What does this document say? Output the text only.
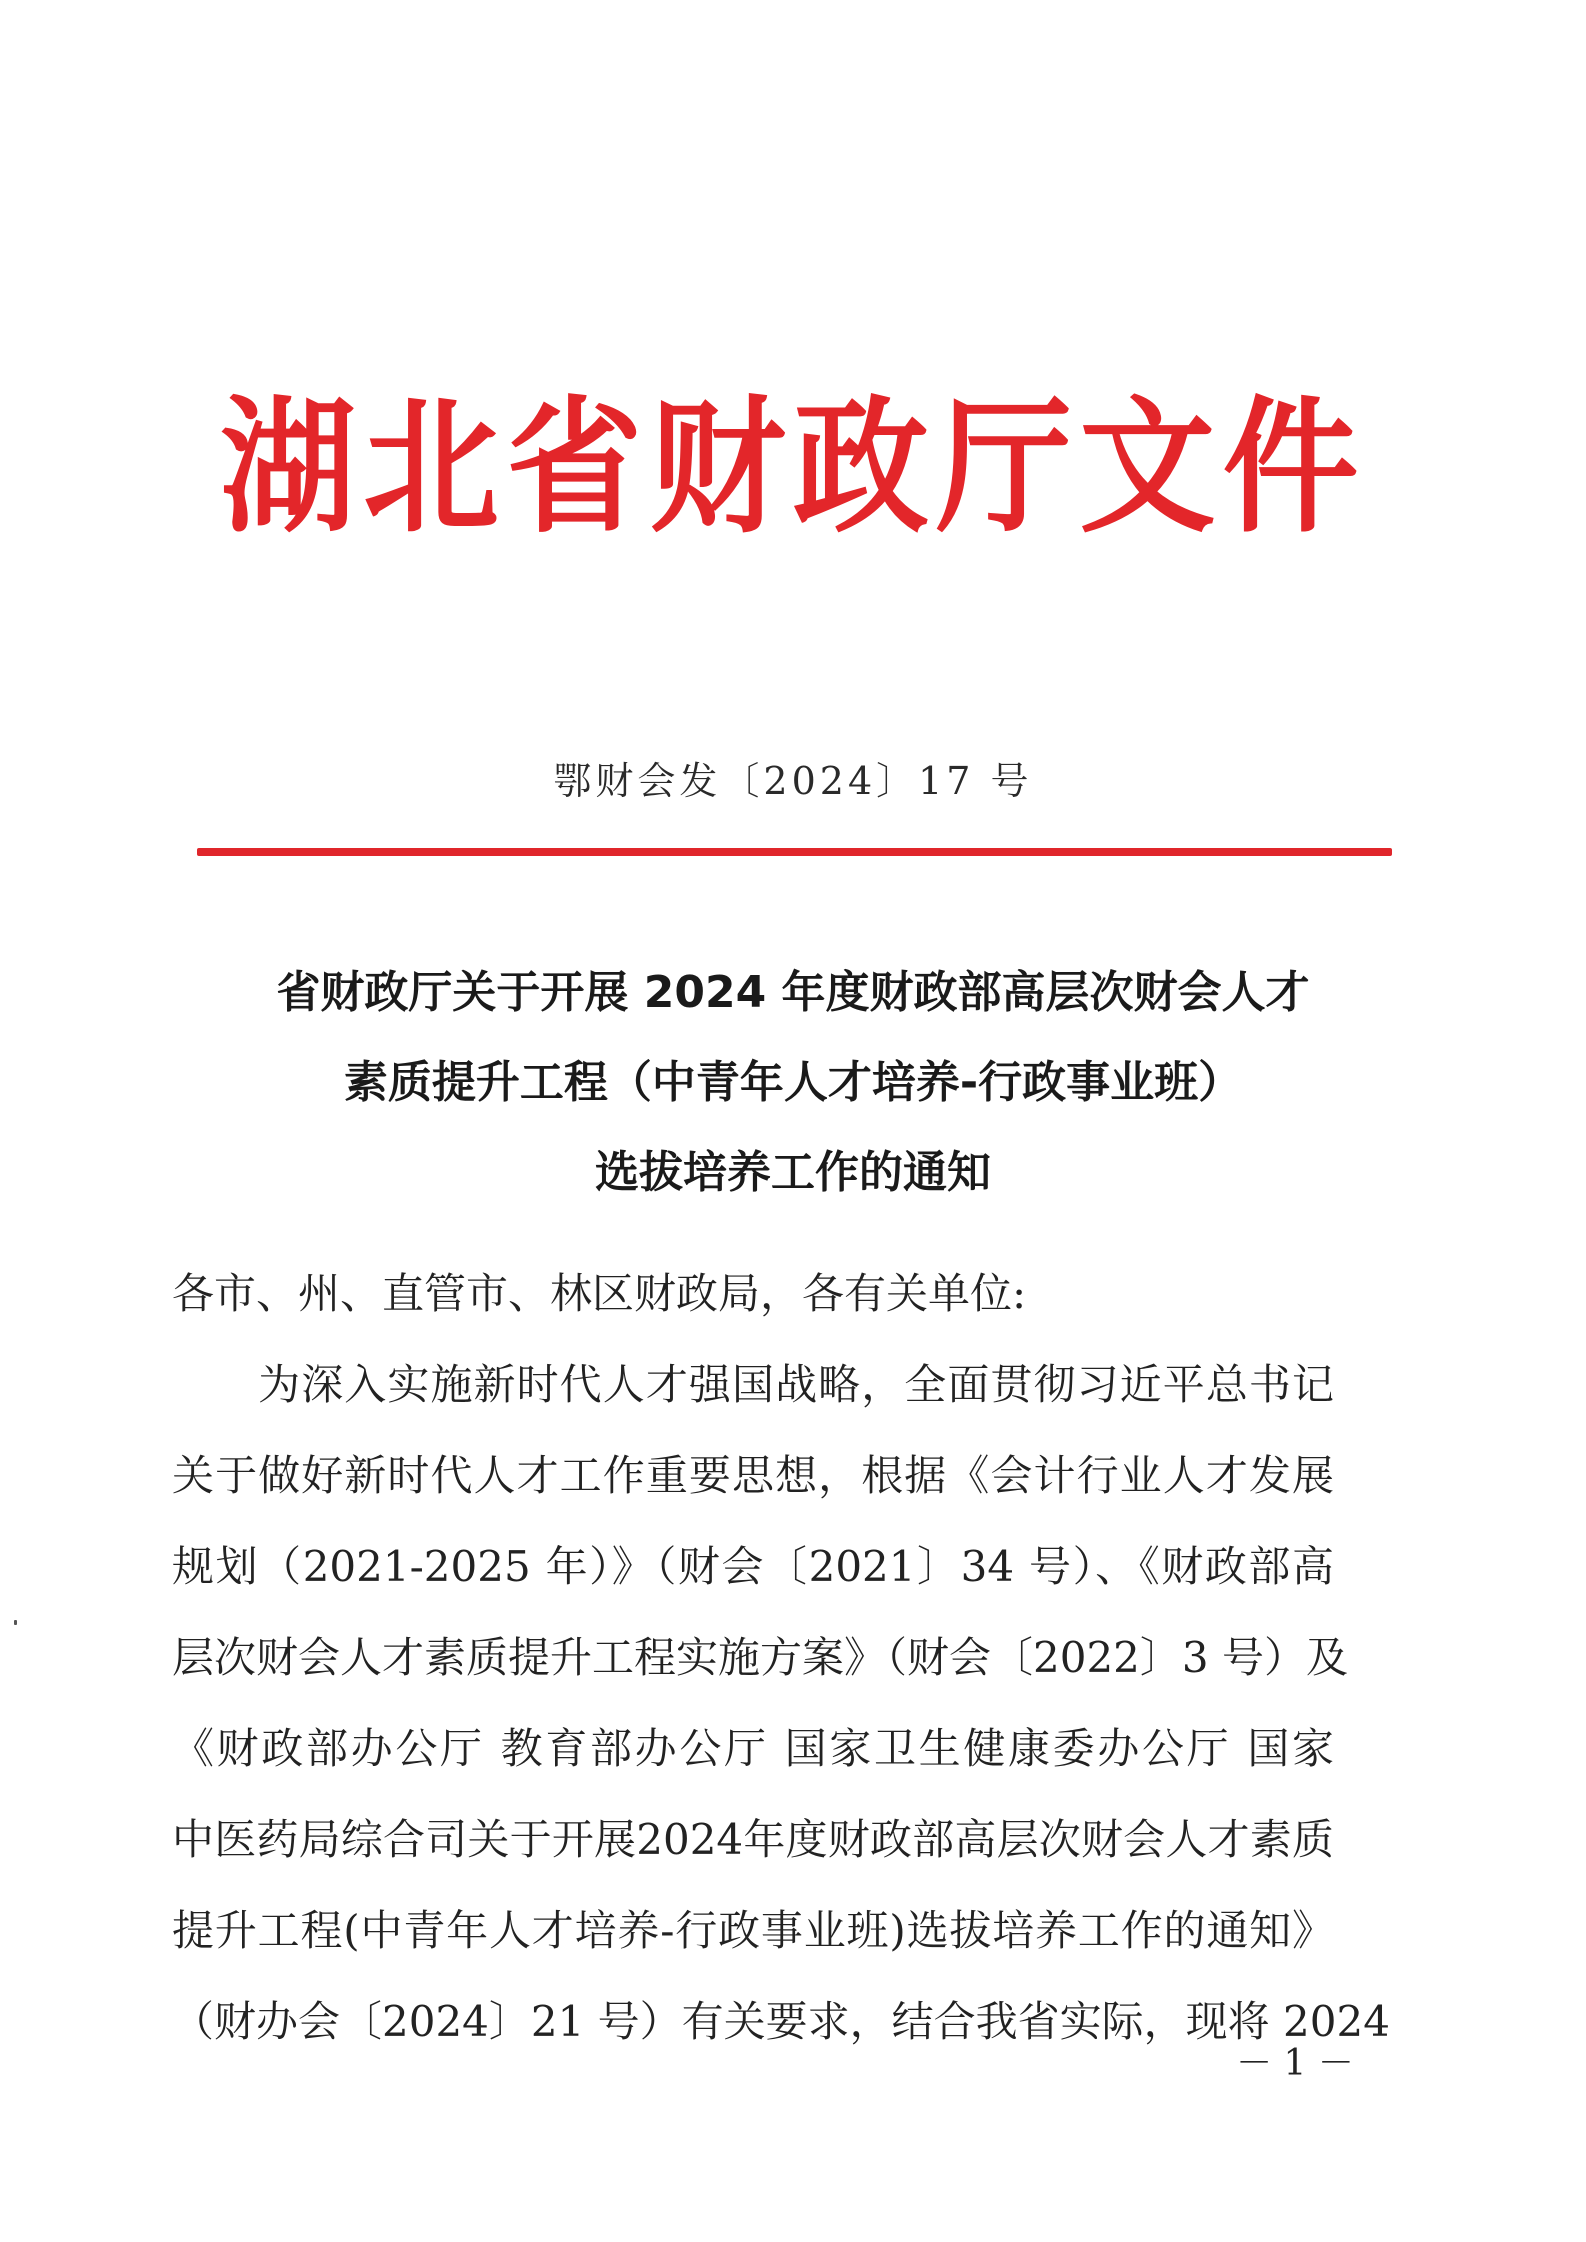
湖北省财政厅文件
鄂财会发〔2024〕17 号
省财政厅关于开展 2024 年度财政部高层次财会人才
素质提升工程（中青年人才培养-行政事业班）
选拔培养工作的通知
各市、州、直管市、林区财政局，各有关单位:
　　为深入实施新时代人才强国战略，全面贯彻习近平总书记
关于做好新时代人才工作重要思想，根据《会计行业人才发展
规划（2021-2025 年）》（财会〔2021〕34 号）、《财政部高
层次财会人才素质提升工程实施方案》（财会〔2022〕3 号）及
《财政部办公厅 教育部办公厅 国家卫生健康委办公厅 国家
中医药局综合司关于开展2024年度财政部高层次财会人才素质
提升工程(中青年人才培养-行政事业班)选拔培养工作的通知》
（财办会〔2024〕21 号）有关要求，结合我省实际，现将 2024
－ 1 －
